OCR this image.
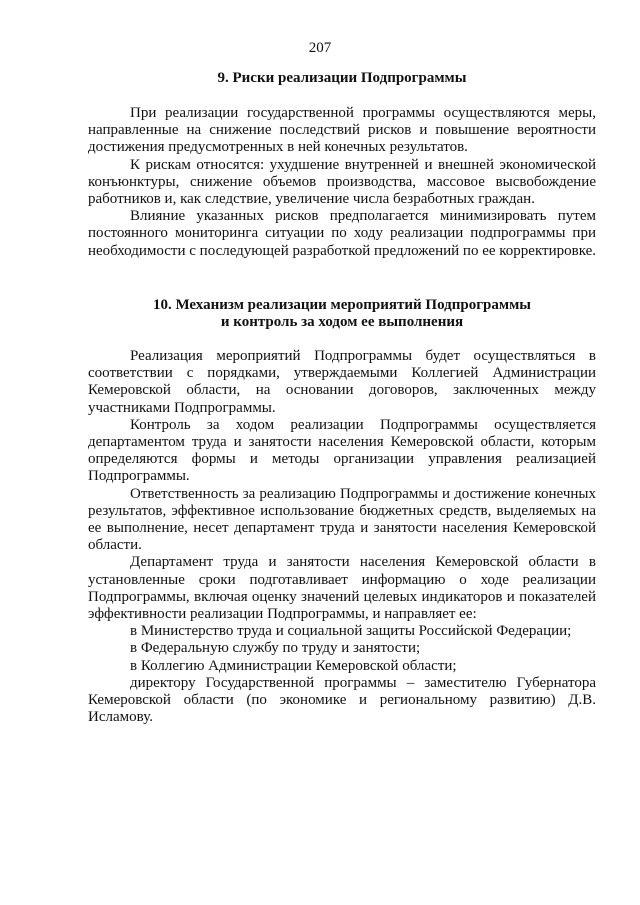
207
9. Риски реализации Подпрограммы

При реализации государственной программы осуществляются меры, направленные на снижение последствий рисков и повышение вероятности достижения предусмотренных в ней конечных результатов.

К рискам относятся: ухудшение внутренней и внешней экономической конъюнктуры, снижение объемов производства, массовое высвобождение работников и, как следствие, увеличение числа безработных граждан.

Влияние указанных рисков предполагается минимизировать путем постоянного мониторинга ситуации по ходу реализации подпрограммы при необходимости с последующей разработкой предложений по ее корректировке.

10. Механизм реализации мероприятий Подпрограммы
и контроль за ходом ее выполнения

Реализация мероприятий Подпрограммы будет осуществляться в соответствии с порядками, утверждаемыми Коллегией Администрации Кемеровской области, на основании договоров, заключенных между участниками Подпрограммы.

Контроль за ходом реализации Подпрограммы осуществляется департаментом труда и занятости населения Кемеровской области, которым определяются формы и методы организации управления реализацией Подпрограммы.

Ответственность за реализацию Подпрограммы и достижение конечных результатов, эффективное использование бюджетных средств, выделяемых на ее выполнение, несет департамент труда и занятости населения Кемеровской области.

Департамент труда и занятости населения Кемеровской области в установленные сроки подготавливает информацию о ходе реализации Подпрограммы, включая оценку значений целевых индикаторов и показателей эффективности реализации Подпрограммы, и направляет ее:

в Министерство труда и социальной защиты Российской Федерации;

в Федеральную службу по труду и занятости;

в Коллегию Администрации Кемеровской области;

директору Государственной программы – заместителю Губернатора Кемеровской области (по экономике и региональному развитию) Д.В. Исламову.
